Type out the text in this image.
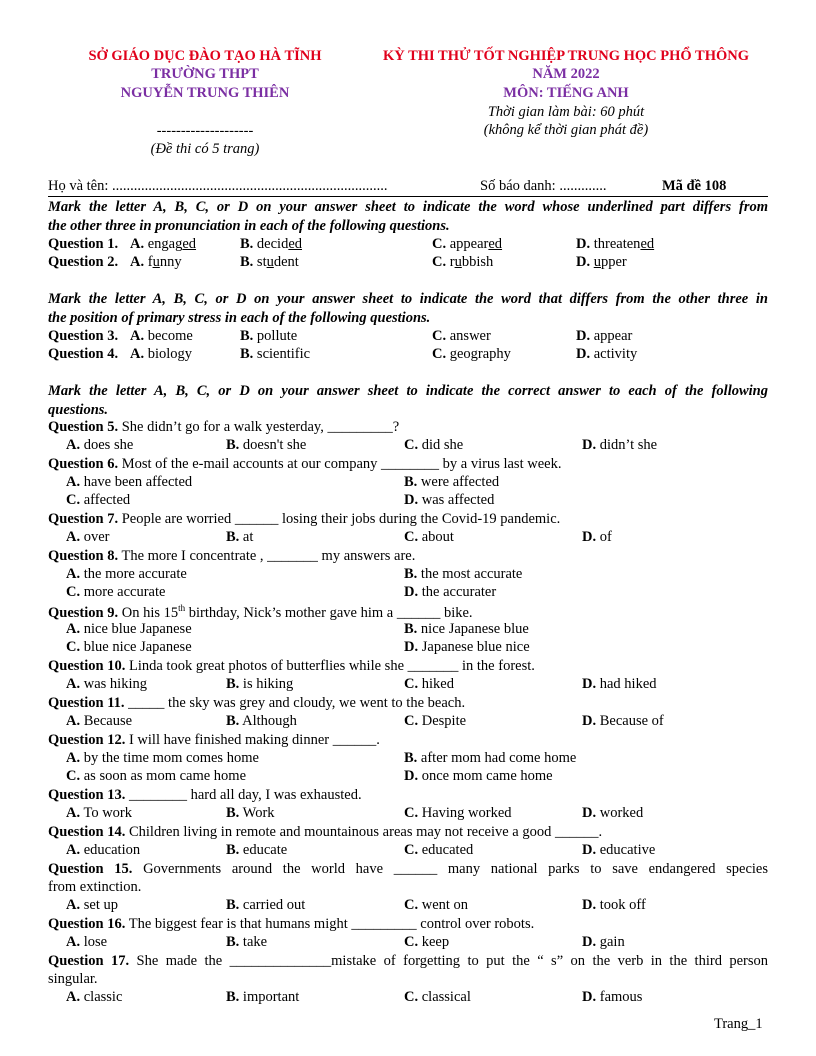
SỞ GIÁO DỤC ĐÀO TẠO HÀ TĨNH
TRƯỜNG THPT
NGUYỄN TRUNG THIÊN
--------------------
(Đề thi có 5 trang)
KỲ THI THỬ TỐT NGHIỆP TRUNG HỌC PHỔ THÔNG
NĂM 2022
MÔN: TIẾNG ANH
Thời gian làm bài: 60 phút
(không kể thời gian phát đề)
Họ và tên: ............................................................................	Số báo danh: .............	Mã đề 108
Mark the letter A, B, C, or D on your answer sheet to indicate the word whose underlined part differs from
the other three in pronunciation in each of the following questions.
Question 1. A. engaged	B. decided	C. appeared	D. threatened
Question 2. A. funny	B. student	C. rubbish	D. upper
Mark the letter A, B, C, or D on your answer sheet to indicate the word that differs from the other three in
the position of primary stress in each of the following questions.
Question 3. A. become	B. pollute	C. answer	D. appear
Question 4. A. biology	B. scientific	C. geography	D. activity
Mark the letter A, B, C, or D on your answer sheet to indicate the correct answer to each of the following
questions.
Question 5. She didn’t go for a walk yesterday, _________?
A. does she	B. doesn't she	C. did she	D. didn’t she
Question 6. Most of the e-mail accounts at our company ________ by a virus last week.
A. have been affected	B. were affected
C. affected	D. was affected
Question 7. People are worried ______ losing their jobs during the Covid-19 pandemic.
A. over	B. at	C. about	D. of
Question 8. The more I concentrate , _______ my answers are.
A. the more accurate	B. the most accurate
C. more accurate	D. the accurater
Question 9. On his 15th birthday, Nick’s mother gave him a ______ bike.
A. nice blue Japanese	B. nice Japanese blue
C. blue nice Japanese	D. Japanese blue nice
Question 10. Linda took great photos of butterflies while she _______ in the forest.
A. was hiking	B. is hiking	C. hiked	D. had hiked
Question 11. _____ the sky was grey and cloudy, we went to the beach.
A. Because	B. Although	C. Despite	D. Because of
Question 12. I will have finished making dinner ______.
A. by the time mom comes home	B. after mom had come home
C. as soon as mom came home	D. once mom came home
Question 13. ________ hard all day, I was exhausted.
A. To work	B. Work	C. Having worked	D. worked
Question 14. Children living in remote and mountainous areas may not receive a good ______.
A. education	B. educate	C. educated	D. educative
Question 15. Governments around the world have ______ many national parks to save endangered species
from extinction.
A. set up	B. carried out	C. went on	D. took off
Question 16. The biggest fear is that humans might _________ control over robots.
A. lose	B. take	C. keep	D. gain
Question 17. She made the ______________mistake of forgetting to put the “ s” on the verb in the third person
singular.
A. classic	B. important	C. classical	D. famous
Trang_1
